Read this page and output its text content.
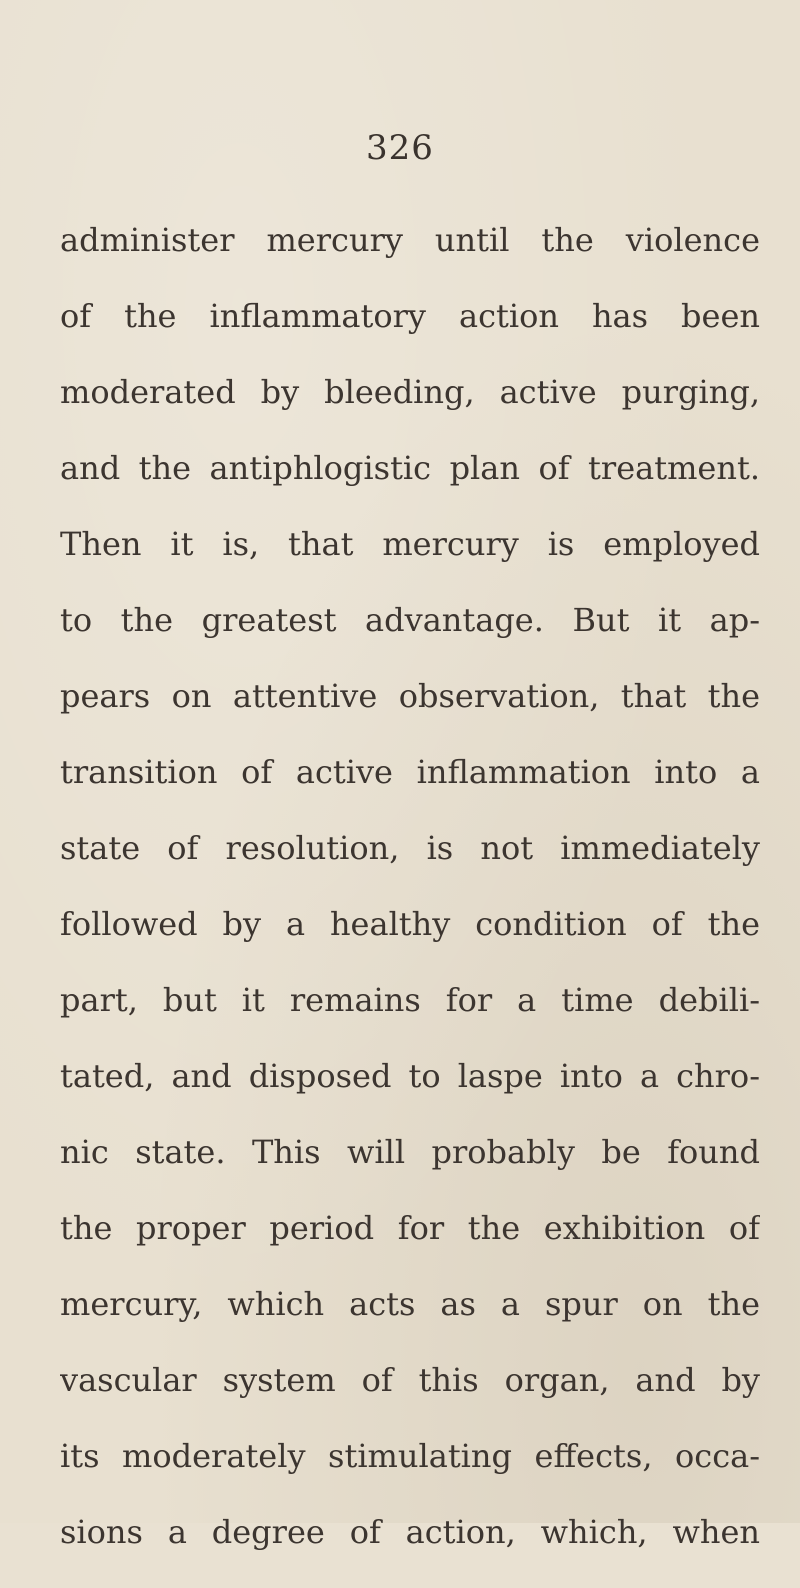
326
administer mercury until the violence
of the inflammatory action has been
moderated by bleeding, active purging,
and the antiphlogistic plan of treatment.
Then it is, that mercury is employed
to the greatest advantage. But it ap-
pears on attentive observation, that the
transition of active inflammation into a
state of resolution, is not immediately
followed by a healthy condition of the
part, but it remains for a time debili-
tated, and disposed to laspe into a chro-
nic state. This will probably be found
the proper period for the exhibition of
mercury, which acts as a spur on the
vascular system of this organ, and by
its moderately stimulating effects, occa-
sions a degree of action, which, when
